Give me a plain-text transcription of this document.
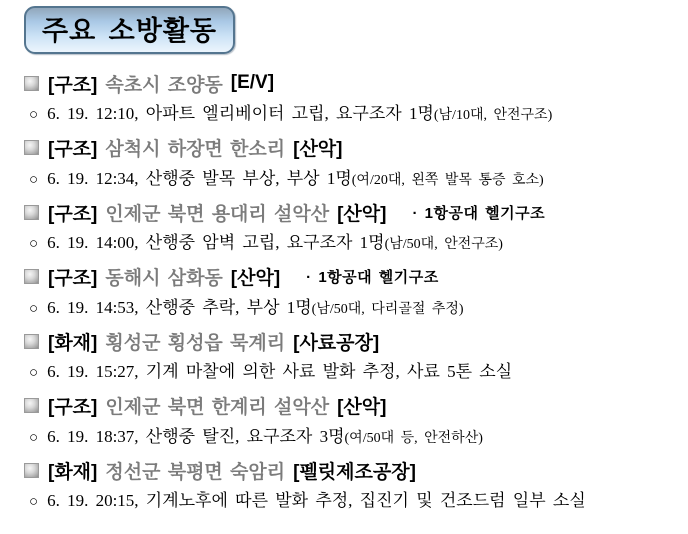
주요 소방활동
[구조] 속초시 조양동 [E/V]
○ 6. 19. 12:10, 아파트 엘리베이터 고립, 요구조자 1명 (남/10대, 안전구조)
[구조] 삼척시 하장면 한소리 [산악]
○ 6. 19. 12:34, 산행중 발목 부상, 부상 1명 (여/20대, 왼쪽 발목 통증 호소)
[구조] 인제군 북면 용대리 설악산 [산악] · 1항공대 헬기구조
○ 6. 19. 14:00, 산행중 암벽 고립, 요구조자 1명 (남/50대, 안전구조)
[구조] 동해시 삼화동 [산악] · 1항공대 헬기구조
○ 6. 19. 14:53, 산행중 추락, 부상 1명 (남/50대, 다리골절 추정)
[화재] 횡성군 횡성읍 묵계리 [사료공장]
○ 6. 19. 15:27, 기계 마찰에 의한 사료 발화 추정, 사료 5톤 소실
[구조] 인제군 북면 한계리 설악산 [산악]
○ 6. 19. 18:37, 산행중 탈진, 요구조자 3명 (여/50대 등, 안전하산)
[화재] 정선군 북평면 숙암리 [펠릿제조공장]
○ 6. 19. 20:15, 기계노후에 따른 발화 추정, 집진기 및 건조드럼 일부 소실
